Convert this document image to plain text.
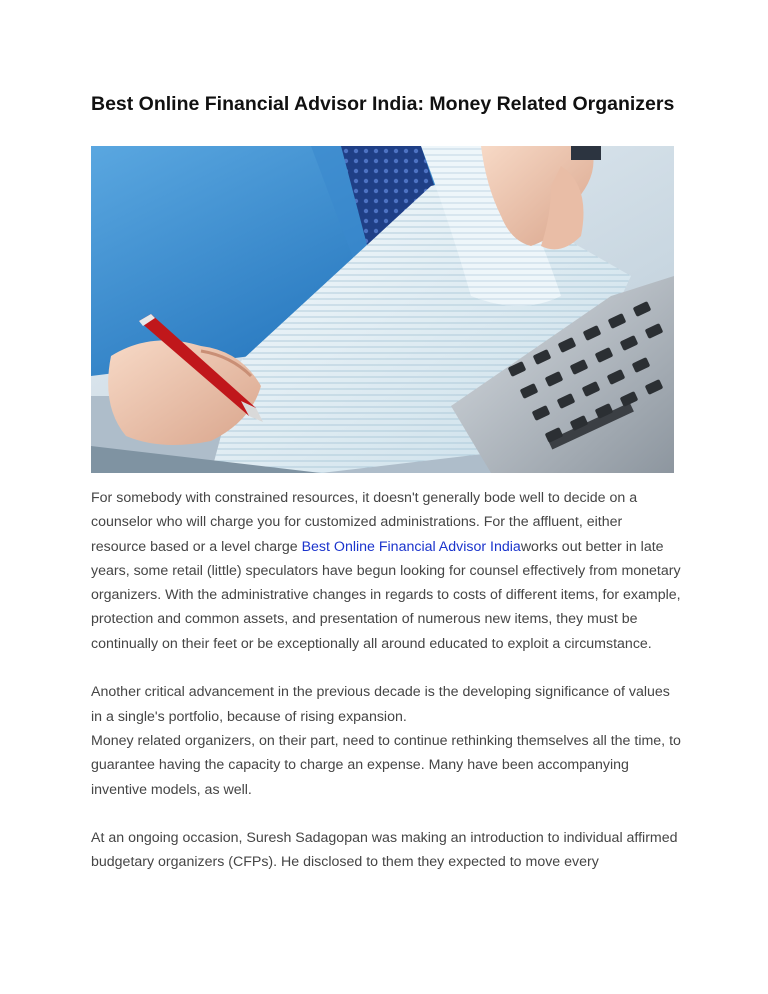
Best Online Financial Advisor India: Money Related Organizers

For somebody with constrained resources, it doesn't generally bode well to decide on a counselor who will charge you for customized administrations. For the affluent, either resource based or a level charge Best Online Financial Advisor Indiaworks out better in late years, some retail (little) speculators have begun looking for counsel effectively from monetary organizers. With the administrative changes in regards to costs of different items, for example, protection and common assets, and presentation of numerous new items, they must be continually on their feet or be exceptionally all around educated to exploit a circumstance.

Another critical advancement in the previous decade is the developing significance of values in a single's portfolio, because of rising expansion.

Money related organizers, on their part, need to continue rethinking themselves all the time, to guarantee having the capacity to charge an expense. Many have been accompanying inventive models, as well.

At an ongoing occasion, Suresh Sadagopan was making an introduction to individual affirmed budgetary organizers (CFPs). He disclosed to them they expected to move every
